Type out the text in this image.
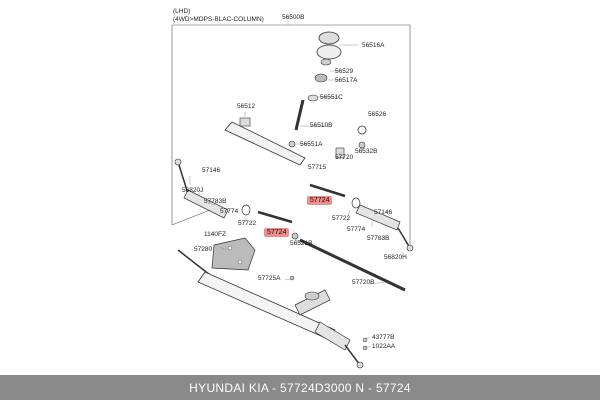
(LHD)
(4WD>MDPS-BLAC-COLUMN)	56500B
56516A
56529
56517A
56551C
56512
56510B
56526
56551A
57720
56532B
57715
57146
56820J
57783B
57774
57722
57724
57724
1140FZ
57280
56521B
57722
57146
57774
57783B
56820H
57725A
57720B
43777B
1022AA
HYUNDAI KIA - 57724D3000 N - 57724
